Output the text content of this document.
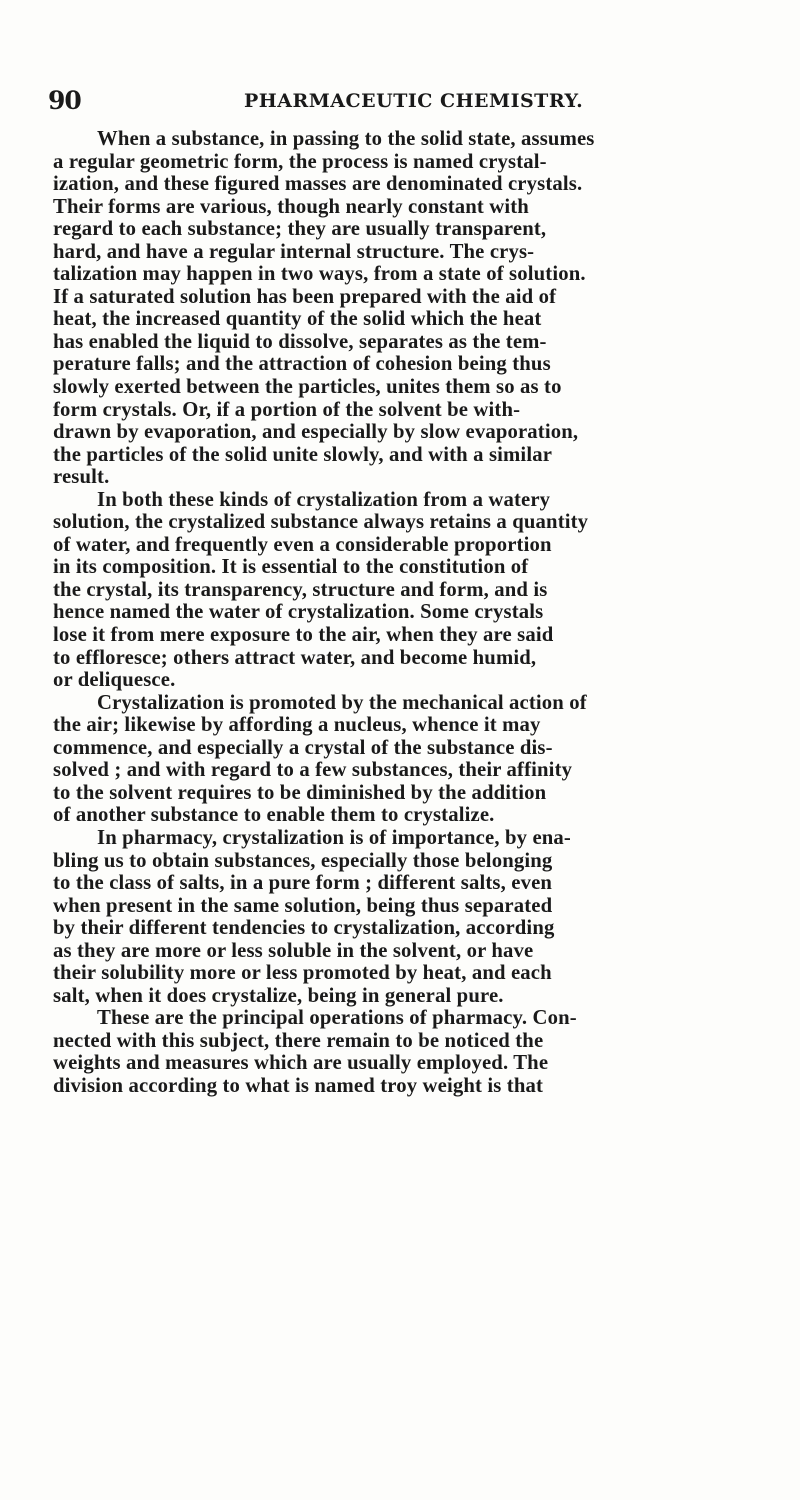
90	PHARMACEUTIC CHEMISTRY.
When a substance, in passing to the solid state, assumes
a regular geometric form, the process is named crystal-
ization, and these figured masses are denominated crystals.
Their forms are various, though nearly constant with
regard to each substance; they are usually transparent,
hard, and have a regular internal structure. The crys-
talization may happen in two ways, from a state of solution.
If a saturated solution has been prepared with the aid of
heat, the increased quantity of the solid which the heat
has enabled the liquid to dissolve, separates as the tem-
perature falls; and the attraction of cohesion being thus
slowly exerted between the particles, unites them so as to
form crystals. Or, if a portion of the solvent be with-
drawn by evaporation, and especially by slow evaporation,
the particles of the solid unite slowly, and with a similar
result.
In both these kinds of crystalization from a watery
solution, the crystalized substance always retains a quantity
of water, and frequently even a considerable proportion
in its composition. It is essential to the constitution of
the crystal, its transparency, structure and form, and is
hence named the water of crystalization. Some crystals
lose it from mere exposure to the air, when they are said
to effloresce; others attract water, and become humid,
or deliquesce.
Crystalization is promoted by the mechanical action of
the air; likewise by affording a nucleus, whence it may
commence, and especially a crystal of the substance dis-
solved ; and with regard to a few substances, their affinity
to the solvent requires to be diminished by the addition
of another substance to enable them to crystalize.
In pharmacy, crystalization is of importance, by ena-
bling us to obtain substances, especially those belonging
to the class of salts, in a pure form ; different salts, even
when present in the same solution, being thus separated
by their different tendencies to crystalization, according
as they are more or less soluble in the solvent, or have
their solubility more or less promoted by heat, and each
salt, when it does crystalize, being in general pure.
These are the principal operations of pharmacy. Con-
nected with this subject, there remain to be noticed the
weights and measures which are usually employed. The
division according to what is named troy weight is that
